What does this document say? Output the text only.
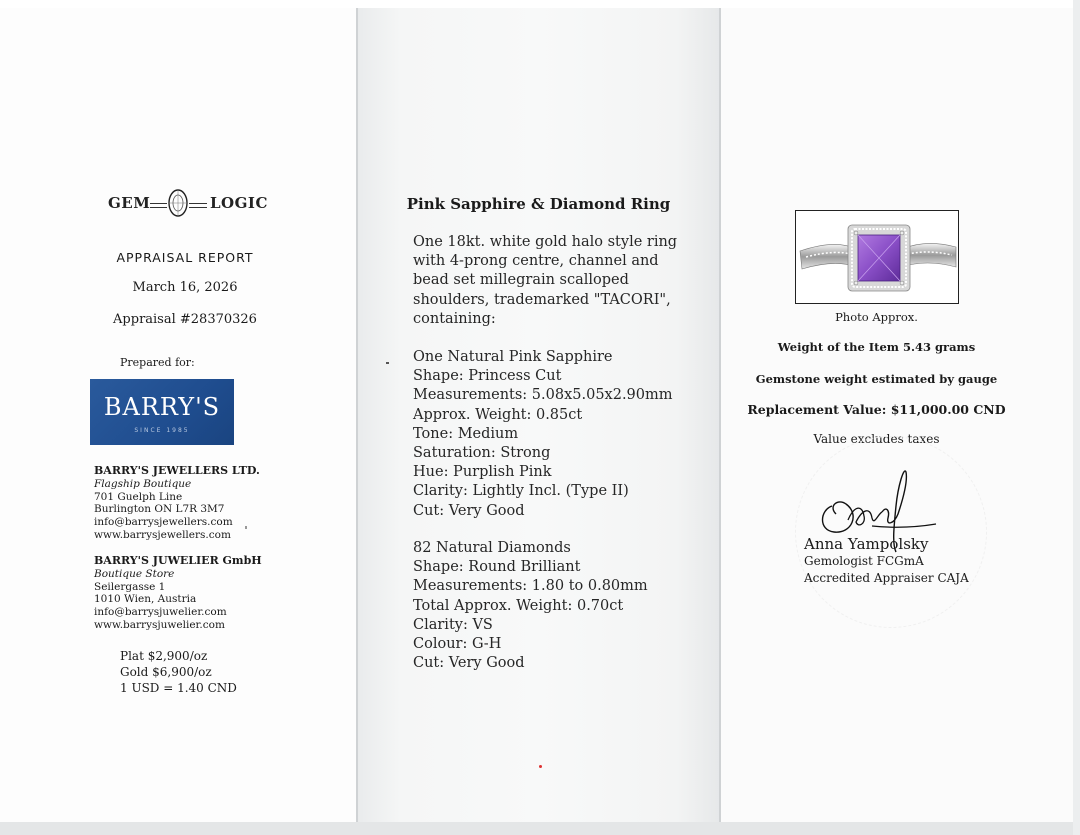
GEM	LOGIC
APPRAISAL REPORT
March 16, 2026
Appraisal #28370326
Prepared for:
BARRY'S
SINCE 1985
BARRY'S JEWELLERS LTD.
Flagship Boutique
701 Guelph Line
Burlington ON L7R 3M7
info@barrysjewellers.com
www.barrysjewellers.com
BARRY'S JUWELIER GmbH
Boutique Store
Seilergasse 1
1010 Wien, Austria
info@barrysjuwelier.com
www.barrysjuwelier.com
Plat $2,900/oz
Gold $6,900/oz
1 USD = 1.40 CND
Pink Sapphire & Diamond Ring
One 18kt. white gold halo style ring
with 4-prong centre, channel and
bead set millegrain scalloped
shoulders, trademarked "TACORI",
containing:
One Natural Pink Sapphire
Shape: Princess Cut
Measurements: 5.08x5.05x2.90mm
Approx. Weight: 0.85ct
Tone: Medium
Saturation: Strong
Hue: Purplish Pink
Clarity: Lightly Incl. (Type II)
Cut: Very Good
82 Natural Diamonds
Shape: Round Brilliant
Measurements: 1.80 to 0.80mm
Total Approx. Weight: 0.70ct
Clarity: VS
Colour: G-H
Cut: Very Good
Photo Approx.
Weight of the Item 5.43 grams
Gemstone weight estimated by gauge
Replacement Value: $11,000.00 CND
Value excludes taxes
Anna Yampolsky
Gemologist FCGmA
Accredited Appraiser CAJA
